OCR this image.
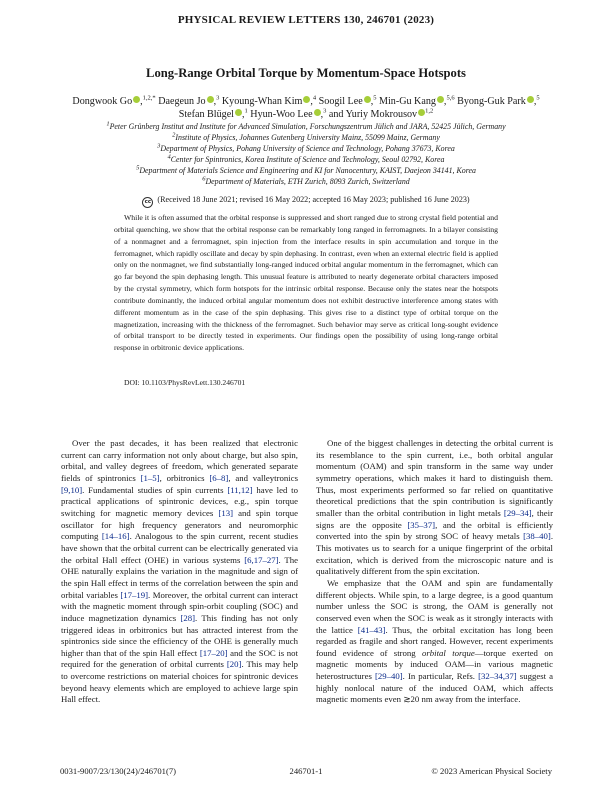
PHYSICAL REVIEW LETTERS 130, 246701 (2023)
Long-Range Orbital Torque by Momentum-Space Hotspots
Dongwook Go ,$^{1,2,*}$ Daegeun Jo ,$^3$ Kyoung-Whan Kim ,$^4$ Soogil Lee ,$^5$ Min-Gu Kang ,$^{5,6}$ Byong-Guk Park ,$^5$
Stefan Blügel ,$^1$ Hyun-Woo Lee ,$^3$ and Yuriy Mokrousov $^{1,2}$
$^1$Peter Grünberg Institut and Institute for Advanced Simulation, Forschungszentrum Jülich and JARA, 52425 Jülich, Germany
$^2$Institute of Physics, Johannes Gutenberg University Mainz, 55099 Mainz, Germany
$^3$Department of Physics, Pohang University of Science and Technology, Pohang 37673, Korea
$^4$Center for Spintronics, Korea Institute of Science and Technology, Seoul 02792, Korea
$^5$Department of Materials Science and Engineering and KI for Nanocentury, KAIST, Daejeon 34141, Korea
$^6$Department of Materials, ETH Zurich, 8093 Zurich, Switzerland
cc (Received 18 June 2021; revised 16 May 2022; accepted 16 May 2023; published 16 June 2023)
While it is often assumed that the orbital response is suppressed and short ranged due to strong crystal field potential and orbital quenching, we show that the orbital response can be remarkably long ranged in ferromagnets. In a bilayer consisting of a nonmagnet and a ferromagnet, spin injection from the interface results in spin accumulation and torque in the ferromagnet, which rapidly oscillate and decay by spin dephasing. In contrast, even when an external electric field is applied only on the nonmagnet, we find substantially long-ranged induced orbital angular momentum in the ferromagnet, which can go far beyond the spin dephasing length. This unusual feature is attributed to nearly degenerate orbital characters imposed by the crystal symmetry, which form hotspots for the intrinsic orbital response. Because only the states near the hotspots contribute dominantly, the induced orbital angular momentum does not exhibit destructive interference among states with different momentum as in the case of the spin dephasing. This gives rise to a distinct type of orbital torque on the magnetization, increasing with the thickness of the ferromagnet. Such behavior may serve as critical long-sought evidence of orbital transport to be directly tested in experiments. Our findings open the possibility of using long-range orbital response in orbitronic device applications.
DOI: 10.1103/PhysRevLett.130.246701

Over the past decades, it has been realized that electronic current can carry information not only about charge, but also spin, orbital, and valley degrees of freedom, which generated separate fields of spintronics [1–5], orbitronics [6–8], and valleytronics [9,10]. Fundamental studies of spin currents [11,12] have led to practical applications of spintronic devices, e.g., spin torque switching for magnetic memory devices [13] and spin torque oscillator for high frequency generators and neuromorphic computing [14–16]. Analogous to the spin current, recent studies have shown that the orbital current can be electrically generated via the orbital Hall effect (OHE) in various systems [6,17–27]. The OHE naturally explains the variation in the magnitude and sign of the spin Hall effect in terms of the correlation between the spin and orbital variables [17–19]. Moreover, the orbital current can interact with the magnetic moment through spin-orbit coupling (SOC) and induce magnetization dynamics [28]. This finding has not only triggered ideas in orbitronics but has attracted interest from the spintronics side since the efficiency of the OHE is generally much higher than that of the spin Hall effect [17–20] and the SOC is not required for the generation of orbital currents [20]. This may help to overcome restrictions on material choices for spintronic devices beyond heavy elements which are employed to achieve large spin Hall effect.

One of the biggest challenges in detecting the orbital current is its resemblance to the spin current, i.e., both orbital angular momentum (OAM) and spin transform in the same way under symmetry operations, which makes it hard to distinguish them. Thus, most experiments performed so far relied on quantitative theoretical predictions that the spin contribution is significantly smaller than the orbital contribution in light metals [29–34], their signs are the opposite [35–37], and the orbital is efficiently converted into the spin by strong SOC of heavy metals [38–40]. This motivates us to search for a unique fingerprint of the orbital excitation, which is derived from the microscopic nature and is qualitatively different from the spin excitation.

We emphasize that the OAM and spin are fundamentally different objects. While spin, to a large degree, is a good quantum number unless the SOC is strong, the OAM is generally not conserved even when the SOC is weak as it strongly interacts with the lattice [41–43]. Thus, the orbital excitation has long been regarded as fragile and short ranged. However, recent experiments found evidence of strong orbital torque—torque exerted on magnetic moments by induced OAM—in various magnetic heterostructures [29–40]. In particular, Refs. [32–34,37] suggest a highly nonlocal nature of the induced OAM, which affects magnetic moments even ≳20 nm away from the interface.

0031-9007/23/130(24)/246701(7)	246701-1	© 2023 American Physical Society
